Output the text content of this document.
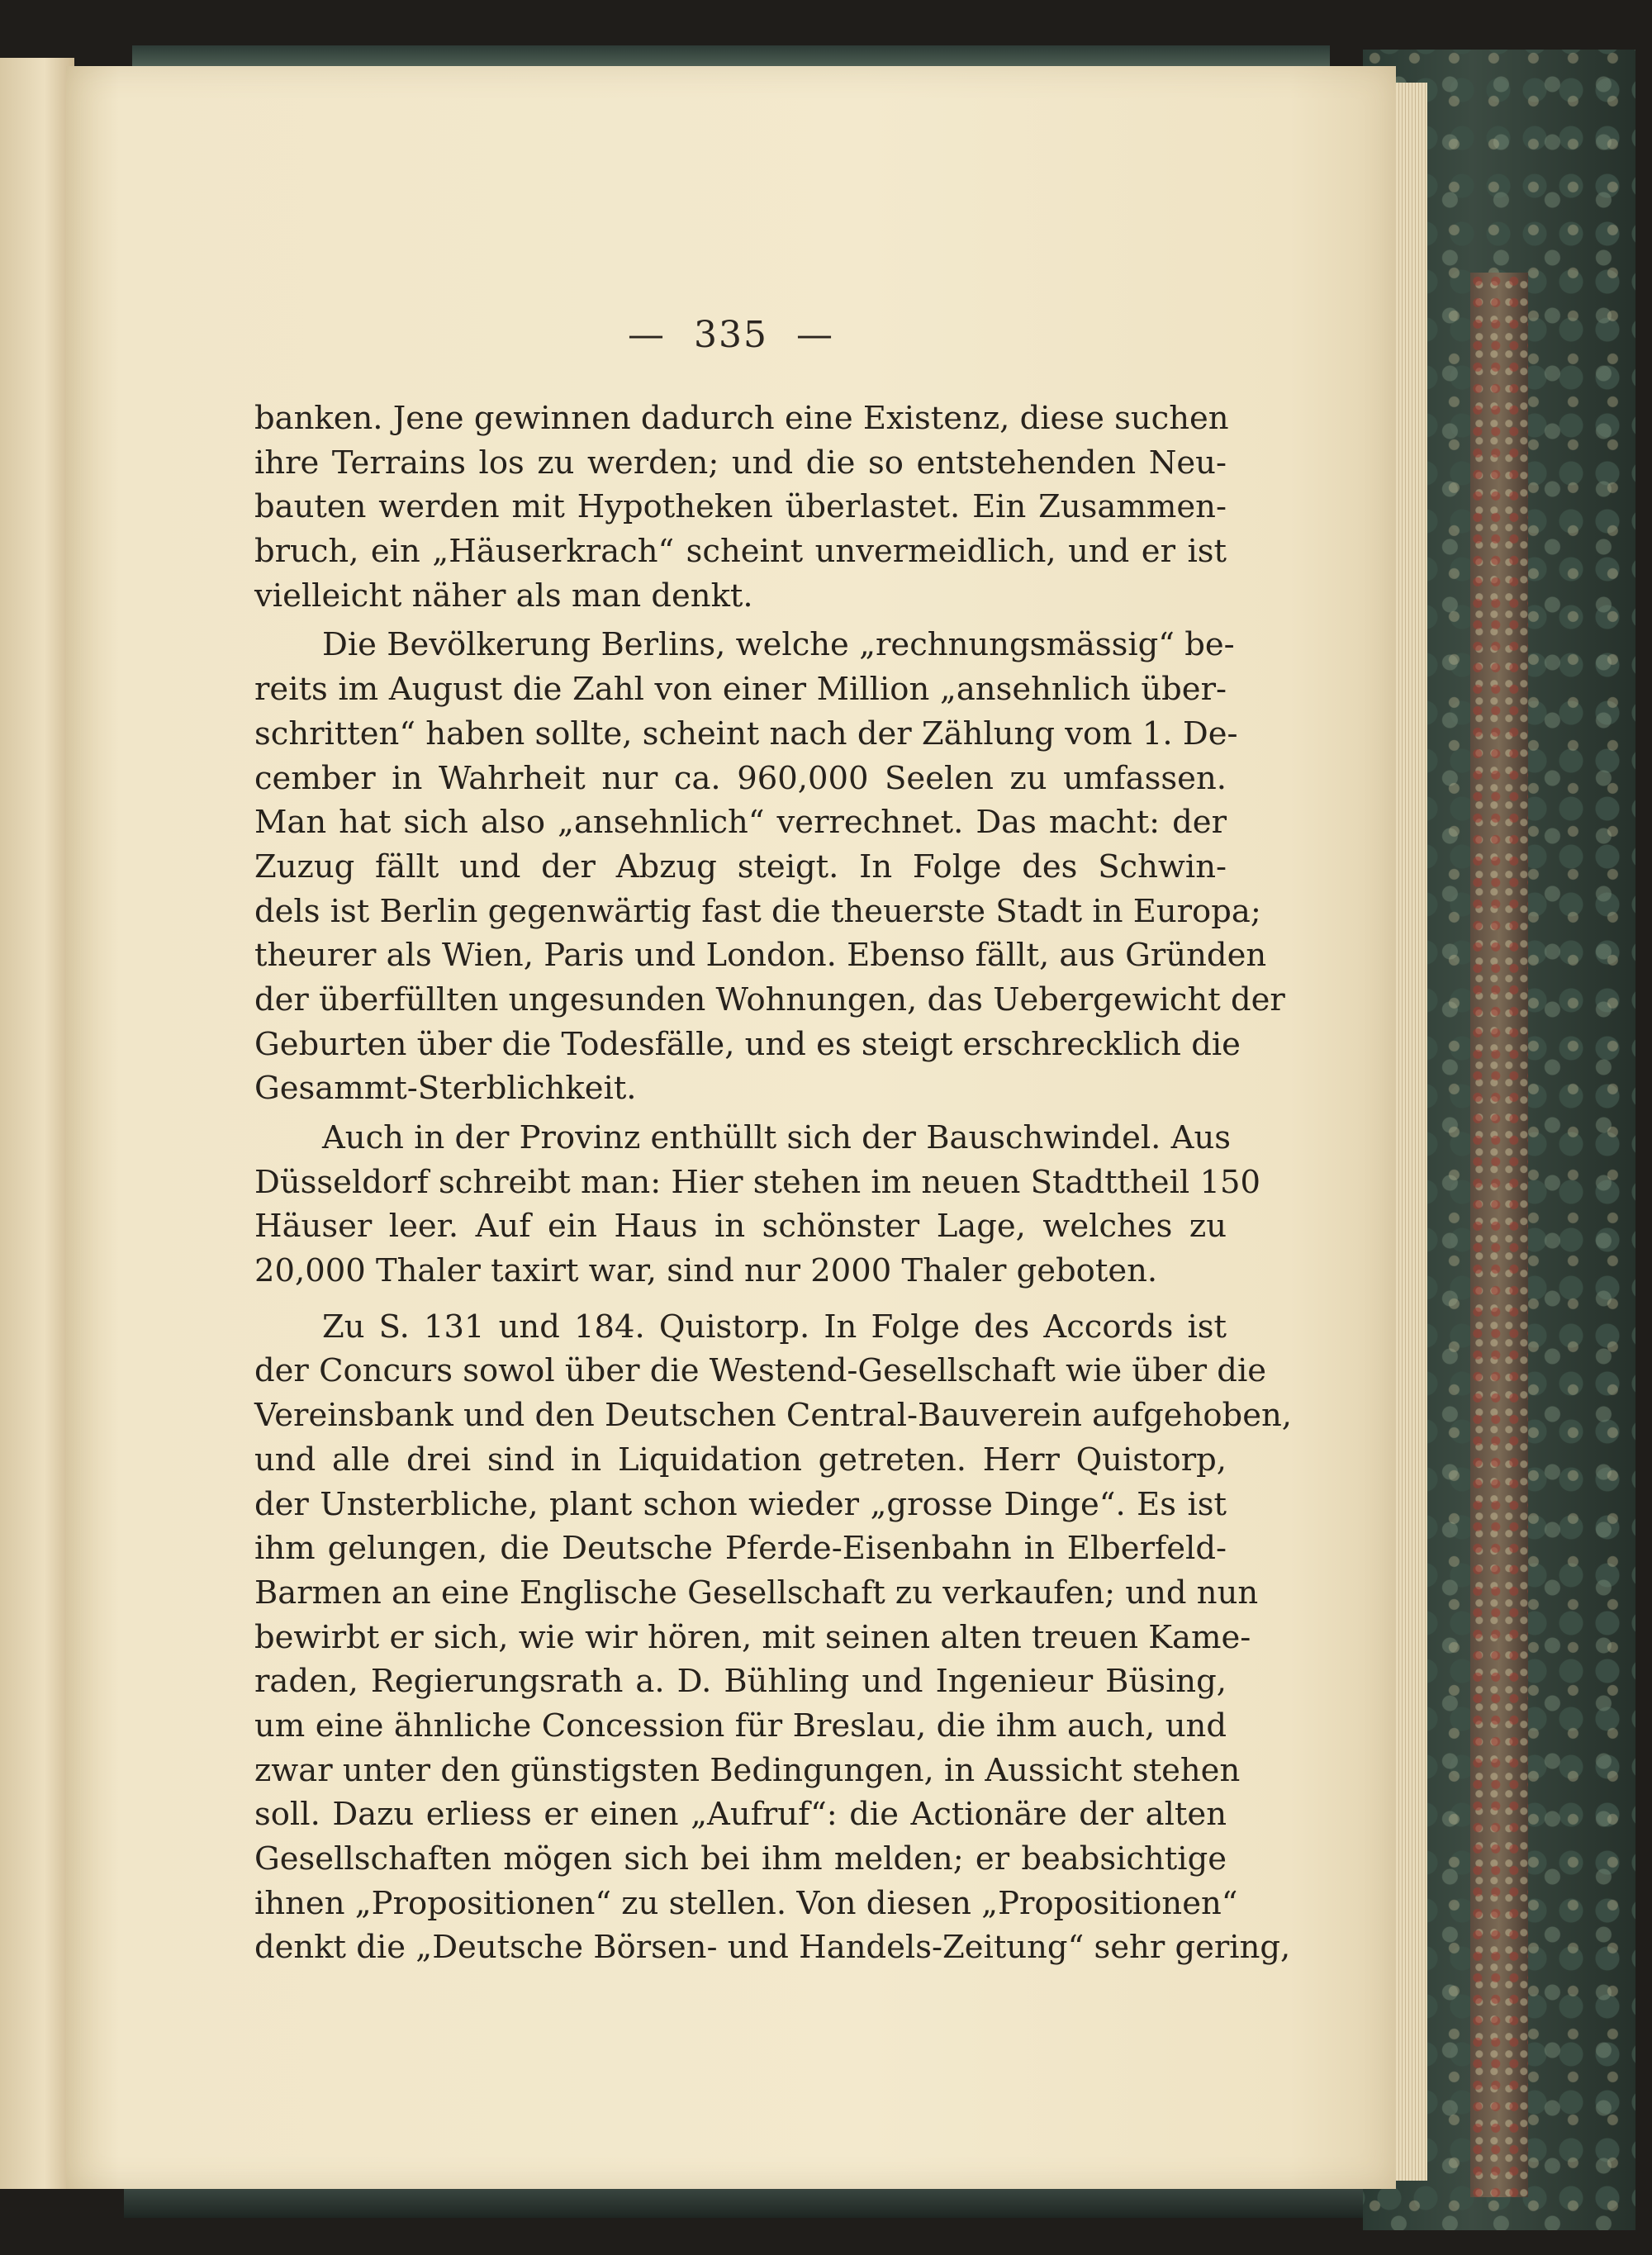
— 335 —
banken. Jene gewinnen dadurch eine Existenz, diese suchen
ihre Terrains los zu werden; und die so entstehenden Neu-
bauten werden mit Hypotheken überlastet. Ein Zusammen-
bruch, ein „Häuserkrach“ scheint unvermeidlich, und er ist
vielleicht näher als man denkt.
Die Bevölkerung Berlins, welche „rechnungsmässig“ be-
reits im August die Zahl von einer Million „ansehnlich über-
schritten“ haben sollte, scheint nach der Zählung vom 1. De-
cember in Wahrheit nur ca. 960,000 Seelen zu umfassen.
Man hat sich also „ansehnlich“ verrechnet. Das macht: der
Zuzug fällt und der Abzug steigt. In Folge des Schwin-
dels ist Berlin gegenwärtig fast die theuerste Stadt in Europa;
theurer als Wien, Paris und London. Ebenso fällt, aus Gründen
der überfüllten ungesunden Wohnungen, das Uebergewicht der
Geburten über die Todesfälle, und es steigt erschrecklich die
Gesammt-Sterblichkeit.
Auch in der Provinz enthüllt sich der Bauschwindel. Aus
Düsseldorf schreibt man: Hier stehen im neuen Stadttheil 150
Häuser leer. Auf ein Haus in schönster Lage, welches zu
20,000 Thaler taxirt war, sind nur 2000 Thaler geboten.
Zu S. 131 und 184. Quistorp. In Folge des Accords ist
der Concurs sowol über die Westend-Gesellschaft wie über die
Vereinsbank und den Deutschen Central-Bauverein aufgehoben,
und alle drei sind in Liquidation getreten. Herr Quistorp,
der Unsterbliche, plant schon wieder „grosse Dinge“. Es ist
ihm gelungen, die Deutsche Pferde-Eisenbahn in Elberfeld-
Barmen an eine Englische Gesellschaft zu verkaufen; und nun
bewirbt er sich, wie wir hören, mit seinen alten treuen Kame-
raden, Regierungsrath a. D. Bühling und Ingenieur Büsing,
um eine ähnliche Concession für Breslau, die ihm auch, und
zwar unter den günstigsten Bedingungen, in Aussicht stehen
soll. Dazu erliess er einen „Aufruf“: die Actionäre der alten
Gesellschaften mögen sich bei ihm melden; er beabsichtige
ihnen „Propositionen“ zu stellen. Von diesen „Propositionen“
denkt die „Deutsche Börsen- und Handels-Zeitung“ sehr gering,
